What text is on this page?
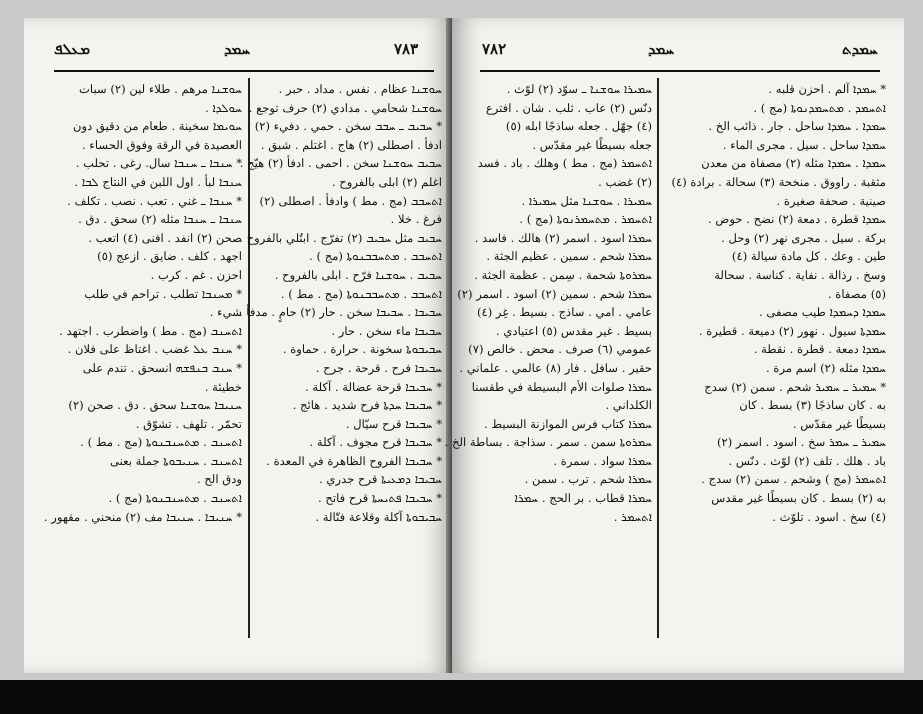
ܡܥܠܦ	ܚܡܕ	٧٨٣
ܚܘܫܢܐ مرهم . طلاء لين (٢) سبات
ܚܘܠܕܐ .
ܚܘܝܡܐ سخينة . طعام من دقيق دون
العصيدة في الرقة وفوق الحساء .
* ܚܢܒܐ ـ ܚܢܒܐ سال. رغى . تحلب .
ܚܢܒܐ لبأ . اول اللبن في النتاج ܠܒܐ .
* ܚܢܒܐ ـ غني . تعب . نصب . تكلف .
ܚܢܒܐ ـ ܚܢܒܐ مثله (٢) سحق . دق .
صحن (٢) انفد . افنى (٤) اتعب .
اجهد . كلف . ضايق . ازعج (٥)
احزن . غم . كرب .
* ܡܚܢܒܐ تطلب . تراحم في طلب
شيء .
ܐܬܚܢܒ (مج . مط ) واضطرب . اجتهد .
* ܚܢܒ ܥܠ غضب . اغتاظ على فلان .
* ܚܢܒ ܒܢܦܫܗ انسحق . تندم على
خطيئة .
ܚܢܝܒܐ ܚܘܫܢܐ سحق . دق . صحن (٢)
تحمّر . تلهف . تشوّق .
ܐܬܚܢܒ . ܡܬܚܢܒܢܘܬܐ (مج . مط ) .
ܐܬܚܢܒ . ܚܢܝܒܘܬܐ جملة بعنى
ودق الح .
ܐܬܚܢܒ . ܡܬܚܢܒܢܘܬܐ (مج ) .
* ܚܢܝܒܐ . ܚܢܝܒܐ مف (٢) منحني . مقهور .
ܚܘܫܢܐ عظام . نفس . مداد . حبر .
ܚܘܫܢܐ شحامي . مدادي (٢) حرف توجع .
* ܚܒܝܒ ـ ܚܒܒ سخن . حمي . دفيء (٢)
ادفأ . اصطلى (٢) هاج . اغتلم . شبق .
ܚܒܝܒ ܚܘܫܢܐ سخن . احمى . ادفأ (٢) هيّج .
اغلم (٢) ابلى بالفروح .
ܐܬܚܒܒ (مج . مط ) وادفأ . اصطلى (٢)
فرغ . خلا .
ܚܒܝܒ مثل ܚܒܝܒ (٢) تفرّج . ابتُلي بالفروح .
ܐܬܚܒܒ . ܡܬܚܒܒܢܘܬܐ (مج ) .
ܚܒܝܒ . ܚܘܫܢܐ فرّح . ابلى بالفروح .
ܐܬܚܒܒ . ܡܬܚܒܒܢܘܬܐ (مج . مط ) .
ܚܒܝܒܐ . ܚܒܝܒܐ سخن . حار (٢) حامٍ . مدفأ .
ܚܒܝܒܐ ماء سخن . حار .
ܚܒܝܒܘܬܐ سخونة . حرارة . حماوة .
ܚܒܝܒܐ فرح . قرحة . جرح .
* ܚܒܝܒܐ قرحة عضالة . آكلة .
* ܚܒܝܒܐ ܚܕܬܐ فرح شديد . هائج .
* ܚܒܝܒܐ قرح سيّال .
* ܚܒܝܒܐ قرح مجوف . آكلة .
* ܚܒܝܒܐ الفروح الظاهرة في المعدة .
ܚܒܝܒܐ ܕܡܥܝܬܐ قرح جدري .
* ܚܒܝܒܐ ܦܬܝܚܬܐ قرح فاتح .
ܚܒܝܒܘܬܐ آكلة وقلاعة فتّالة .
٧٨٢	ܚܡܕ	ܚܡܕܬ
ܚܡܝܪܐ ܚܘܫܢܐ ـ سوّد (٢) لوّث .
دنّس (٢) عاب . ثلب . شان . افترع
(٤) جهّل . جعله ساذجًا ابله (٥)
جعله بسيطًا غير مقدّس .
ܐܬܚܡܪ (مج . مط ) وهلك . باد . فسد
(٢) غضب .
ܚܡܝܪܐ . ܚܘܫܢܐ مثل ܚܡܝܪܐ .
ܐܬܚܡܪ . ܡܬܚܡܪܢܘܬܐ (مج ) .
ܚܡܪܐ اسود . اسمر (٢) هالك . فاسد .
ܚܡܪܐ شحم . سمين . عظيم الجثة .
ܚܡܪܘܬܐ شحمة . سِمن . عظمة الجثة .
ܚܡܪܐ شحم . سمين (٢) اسود . اسمر (٢)
عامي . امي . ساذج . بسيط . غِر (٤)
بسيط . غير مقدس (٥) اعتيادي .
عمومي (٦) صرف . محض . خالص (٧)
حقير . سافل . فار (٨) عالمي . علماني .
ܚܡܪܐ صلوات الأم البسيطة في طقسنا
الكلداني .
ܚܡܪܐ كتاب فرس الموازنة البسيط .
ܚܡܪܘܬܐ سمن . سمر . سذاجة . بساطة الخ .
ܚܡܪܐ سواد . سمرة .
ܚܡܪܐ شحم . ترب . سمن .
ܚܡܪܐ قطاب . بر الحج . ܚܡܪܐ
ܐܬܚܡܪ .
* ܚܡܕܐ آلم . احزن قلبه .
ܐܬܚܡܕ . ܡܬܚܡܕܢܘܬܐ (مج ) .
ܚܡܕܐ . ܚܡܕܐ ساحل . جار . ذائب الخ .
ܚܡܕܐ ساحل . سيل . مجرى الماء .
ܚܡܕܐ . ܚܡܕܐ مثله (٢) مصفاة من معدن
مثقبة . راووق . منخحة (٣) سحالة . برادة (٤)
صينية . صحفة صغيرة .
ܚܡܕܐ قطرة . دمعة (٢) نضح . حوض .
بركة . سيل . مجرى نهر (٢) وحل .
طين . وعك . كل مادة سيالة (٤)
وسخ . رذالة . نفاية . كناسة . سحالة
(٥) مصفاة .
ܚܡܕܐ ܕܚܡܕܐ طيب مصفى .
ܚܡܕܬܐ سيول . نهور (٢) دميعة . قطيرة .
ܚܡܕܐ دمعة . قطرة . نقطة .
ܚܡܕܐ مثله (٢) اسم مرة .
* ܚܡܝܪ ـ ܚܡܝܪ شحم . سمن (٢) سدج
به . كان ساذجًا (٣) بسط . كان
بسيطًا غير مقدّس .
ܚܡܝܪ ـ ܚܡܪ سخ . اسود . اسمر (٢)
باد . هلك . تلف (٢) لوّث . دنّس .
ܐܬܚܡܪ (مج ) وشحم . سمن (٢) سدج .
به (٢) بسط . كان بسيطًا غير مقدس
(٤) سخ . اسود . تلوّث .
